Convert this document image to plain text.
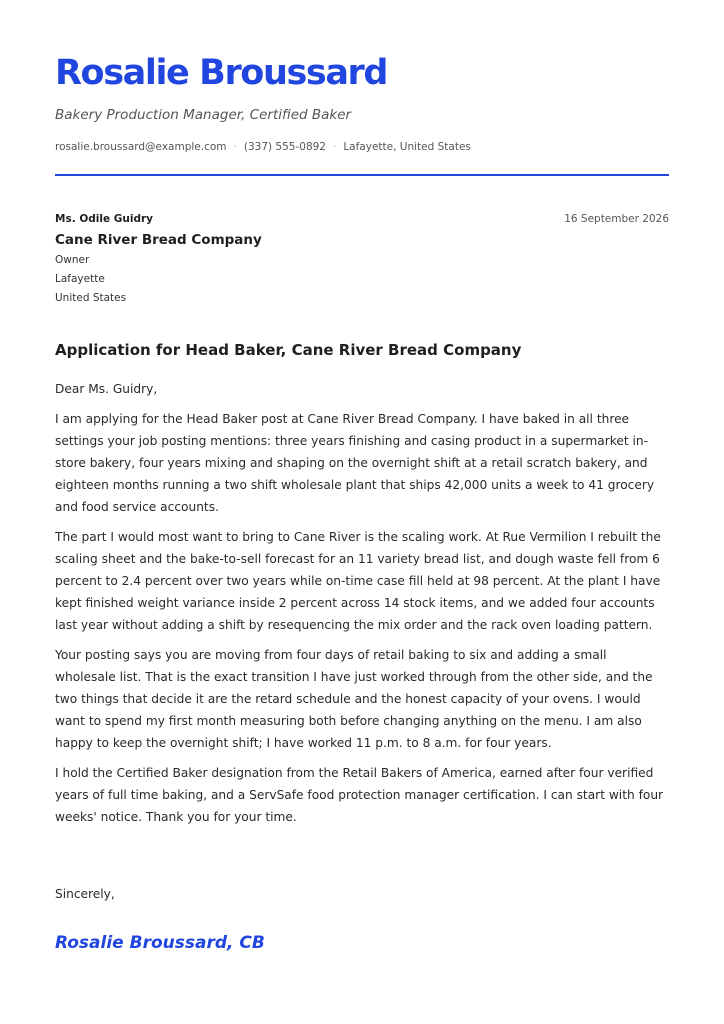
Rosalie Broussard
Bakery Production Manager, Certified Baker
rosalie.broussard@example.com · (337) 555-0892 · Lafayette, United States
Ms. Odile Guidry	16 September 2026
Cane River Bread Company
Owner
Lafayette
United States
Application for Head Baker, Cane River Bread Company

Dear Ms. Guidry,

I am applying for the Head Baker post at Cane River Bread Company. I have baked in all three settings your job posting mentions: three years finishing and casing product in a supermarket in-store bakery, four years mixing and shaping on the overnight shift at a retail scratch bakery, and eighteen months running a two shift wholesale plant that ships 42,000 units a week to 41 grocery and food service accounts.

The part I would most want to bring to Cane River is the scaling work. At Rue Vermilion I rebuilt the scaling sheet and the bake-to-sell forecast for an 11 variety bread list, and dough waste fell from 6 percent to 2.4 percent over two years while on-time case fill held at 98 percent. At the plant I have kept finished weight variance inside 2 percent across 14 stock items, and we added four accounts last year without adding a shift by resequencing the mix order and the rack oven loading pattern.

Your posting says you are moving from four days of retail baking to six and adding a small wholesale list. That is the exact transition I have just worked through from the other side, and the two things that decide it are the retard schedule and the honest capacity of your ovens. I would want to spend my first month measuring both before changing anything on the menu. I am also happy to keep the overnight shift; I have worked 11 p.m. to 8 a.m. for four years.

I hold the Certified Baker designation from the Retail Bakers of America, earned after four verified years of full time baking, and a ServSafe food protection manager certification. I can start with four weeks' notice. Thank you for your time.

Sincerely,
Rosalie Broussard, CB
